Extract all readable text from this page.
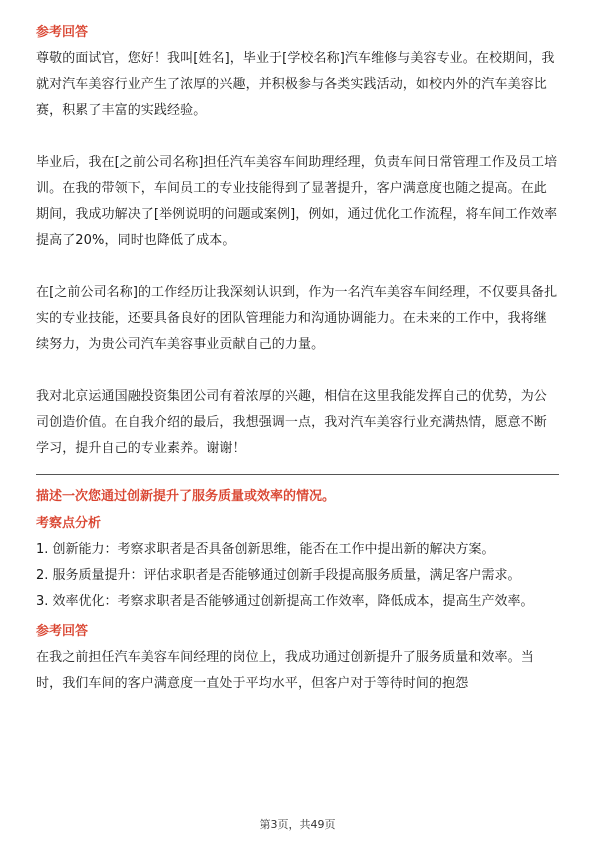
参考回答

尊敬的面试官，您好！我叫[姓名]，毕业于[学校名称]汽车维修与美容专业。在校期间，我就对汽车美容行业产生了浓厚的兴趣，并积极参与各类实践活动，如校内外的汽车美容比赛，积累了丰富的实践经验。

毕业后，我在[之前公司名称]担任汽车美容车间助理经理，负责车间日常管理工作及员工培训。在我的带领下，车间员工的专业技能得到了显著提升，客户满意度也随之提高。在此期间，我成功解决了[举例说明的问题或案例]，例如，通过优化工作流程，将车间工作效率提高了20%，同时也降低了成本。

在[之前公司名称]的工作经历让我深刻认识到，作为一名汽车美容车间经理，不仅要具备扎实的专业技能，还要具备良好的团队管理能力和沟通协调能力。在未来的工作中，我将继续努力，为贵公司汽车美容事业贡献自己的力量。

我对北京运通国融投资集团公司有着浓厚的兴趣，相信在这里我能发挥自己的优势，为公司创造价值。在自我介绍的最后，我想强调一点，我对汽车美容行业充满热情，愿意不断学习，提升自己的专业素养。谢谢！

描述一次您通过创新提升了服务质量或效率的情况。
考察点分析

1. 创新能力：考察求职者是否具备创新思维，能否在工作中提出新的解决方案。

2. 服务质量提升：评估求职者是否能够通过创新手段提高服务质量，满足客户需求。

3. 效率优化：考察求职者是否能够通过创新提高工作效率，降低成本，提高生产效率。

参考回答

在我之前担任汽车美容车间经理的岗位上，我成功通过创新提升了服务质量和效率。当时，我们车间的客户满意度一直处于平均水平，但客户对于等待时间的抱怨

第3页，共49页
